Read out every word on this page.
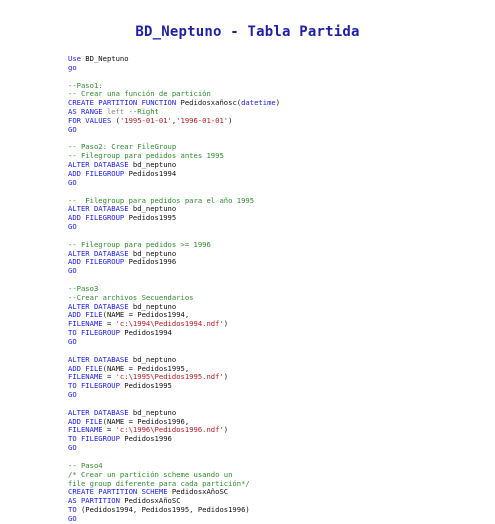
BD_Neptuno - Tabla Partida
Use BD_Neptuno
go

--Paso1:
-- Crear una función de partición
CREATE PARTITION FUNCTION Pedidosxañosc(datetime)
AS RANGE left --Right
FOR VALUES ('1995-01-01','1996-01-01')
GO

-- Paso2: Crear FileGroup
-- Filegroup para pedidos antes 1995
ALTER DATABASE bd_neptuno
ADD FILEGROUP Pedidos1994
GO

--  Filegroup para pedidos para el año 1995
ALTER DATABASE bd_neptuno
ADD FILEGROUP Pedidos1995
GO

-- Filegroup para pedidos >= 1996
ALTER DATABASE bd_neptuno
ADD FILEGROUP Pedidos1996
GO

--Paso3
--Crear archivos Secuendarios
ALTER DATABASE bd_neptuno
ADD FILE(NAME = Pedidos1994,
FILENAME = 'c:\1994\Pedidos1994.ndf')
TO FILEGROUP Pedidos1994
GO

ALTER DATABASE bd_neptuno
ADD FILE(NAME = Pedidos1995,
FILENAME = 'c:\1995\Pedidos1995.ndf')
TO FILEGROUP Pedidos1995
GO

ALTER DATABASE bd_neptuno
ADD FILE(NAME = Pedidos1996,
FILENAME = 'c:\1996\Pedidos1996.ndf')
TO FILEGROUP Pedidos1996
GO

-- Paso4
/* Crear un partición scheme usando un
file group diferente para cada partición*/
CREATE PARTITION SCHEME PedidosxAñoSC
AS PARTITION PedidosxAñoSC
TO (Pedidos1994, Pedidos1995, Pedidos1996)
GO
